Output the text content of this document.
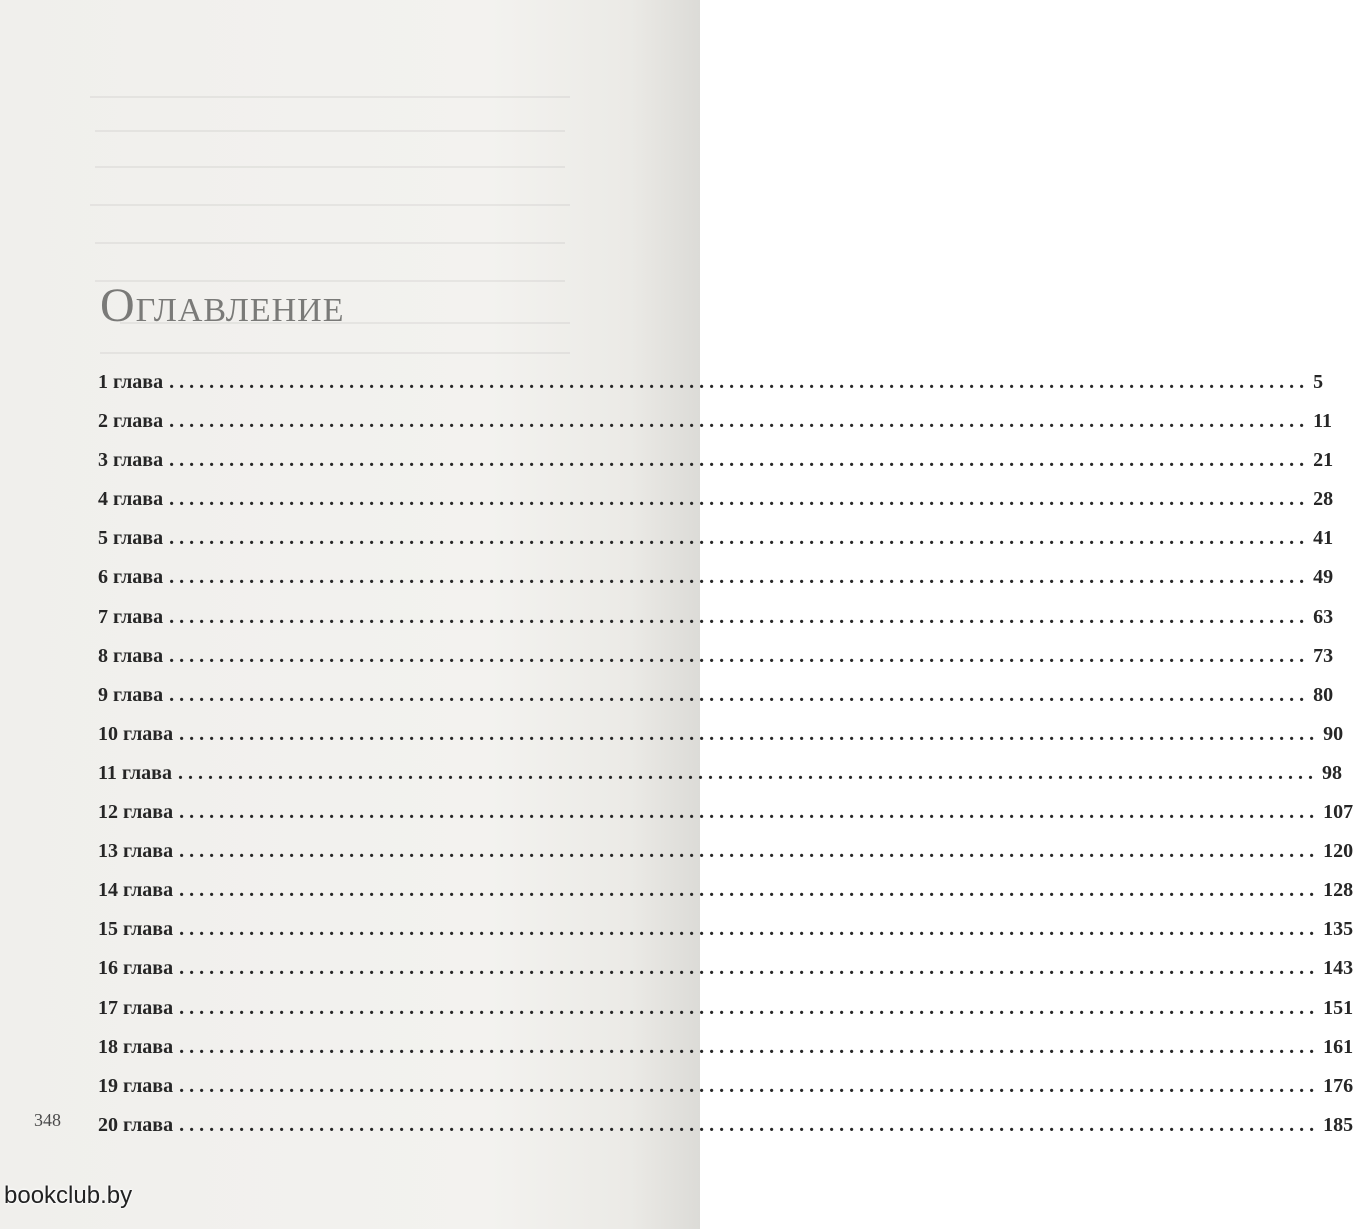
Оглавление
1 глава .................................................................................................................. 5
2 глава .................................................................................................................. 11
3 глава .................................................................................................................. 21
4 глава .................................................................................................................. 28
5 глава .................................................................................................................. 41
6 глава .................................................................................................................. 49
7 глава .................................................................................................................. 63
8 глава .................................................................................................................. 73
9 глава .................................................................................................................. 80
10 глава .................................................................................................................. 90
11 глава .................................................................................................................. 98
12 глава .................................................................................................................. 107
13 глава .................................................................................................................. 120
14 глава .................................................................................................................. 128
15 глава .................................................................................................................. 135
16 глава .................................................................................................................. 143
17 глава .................................................................................................................. 151
18 глава .................................................................................................................. 161
19 глава .................................................................................................................. 176
20 глава .................................................................................................................. 185
348
bookclub.by
